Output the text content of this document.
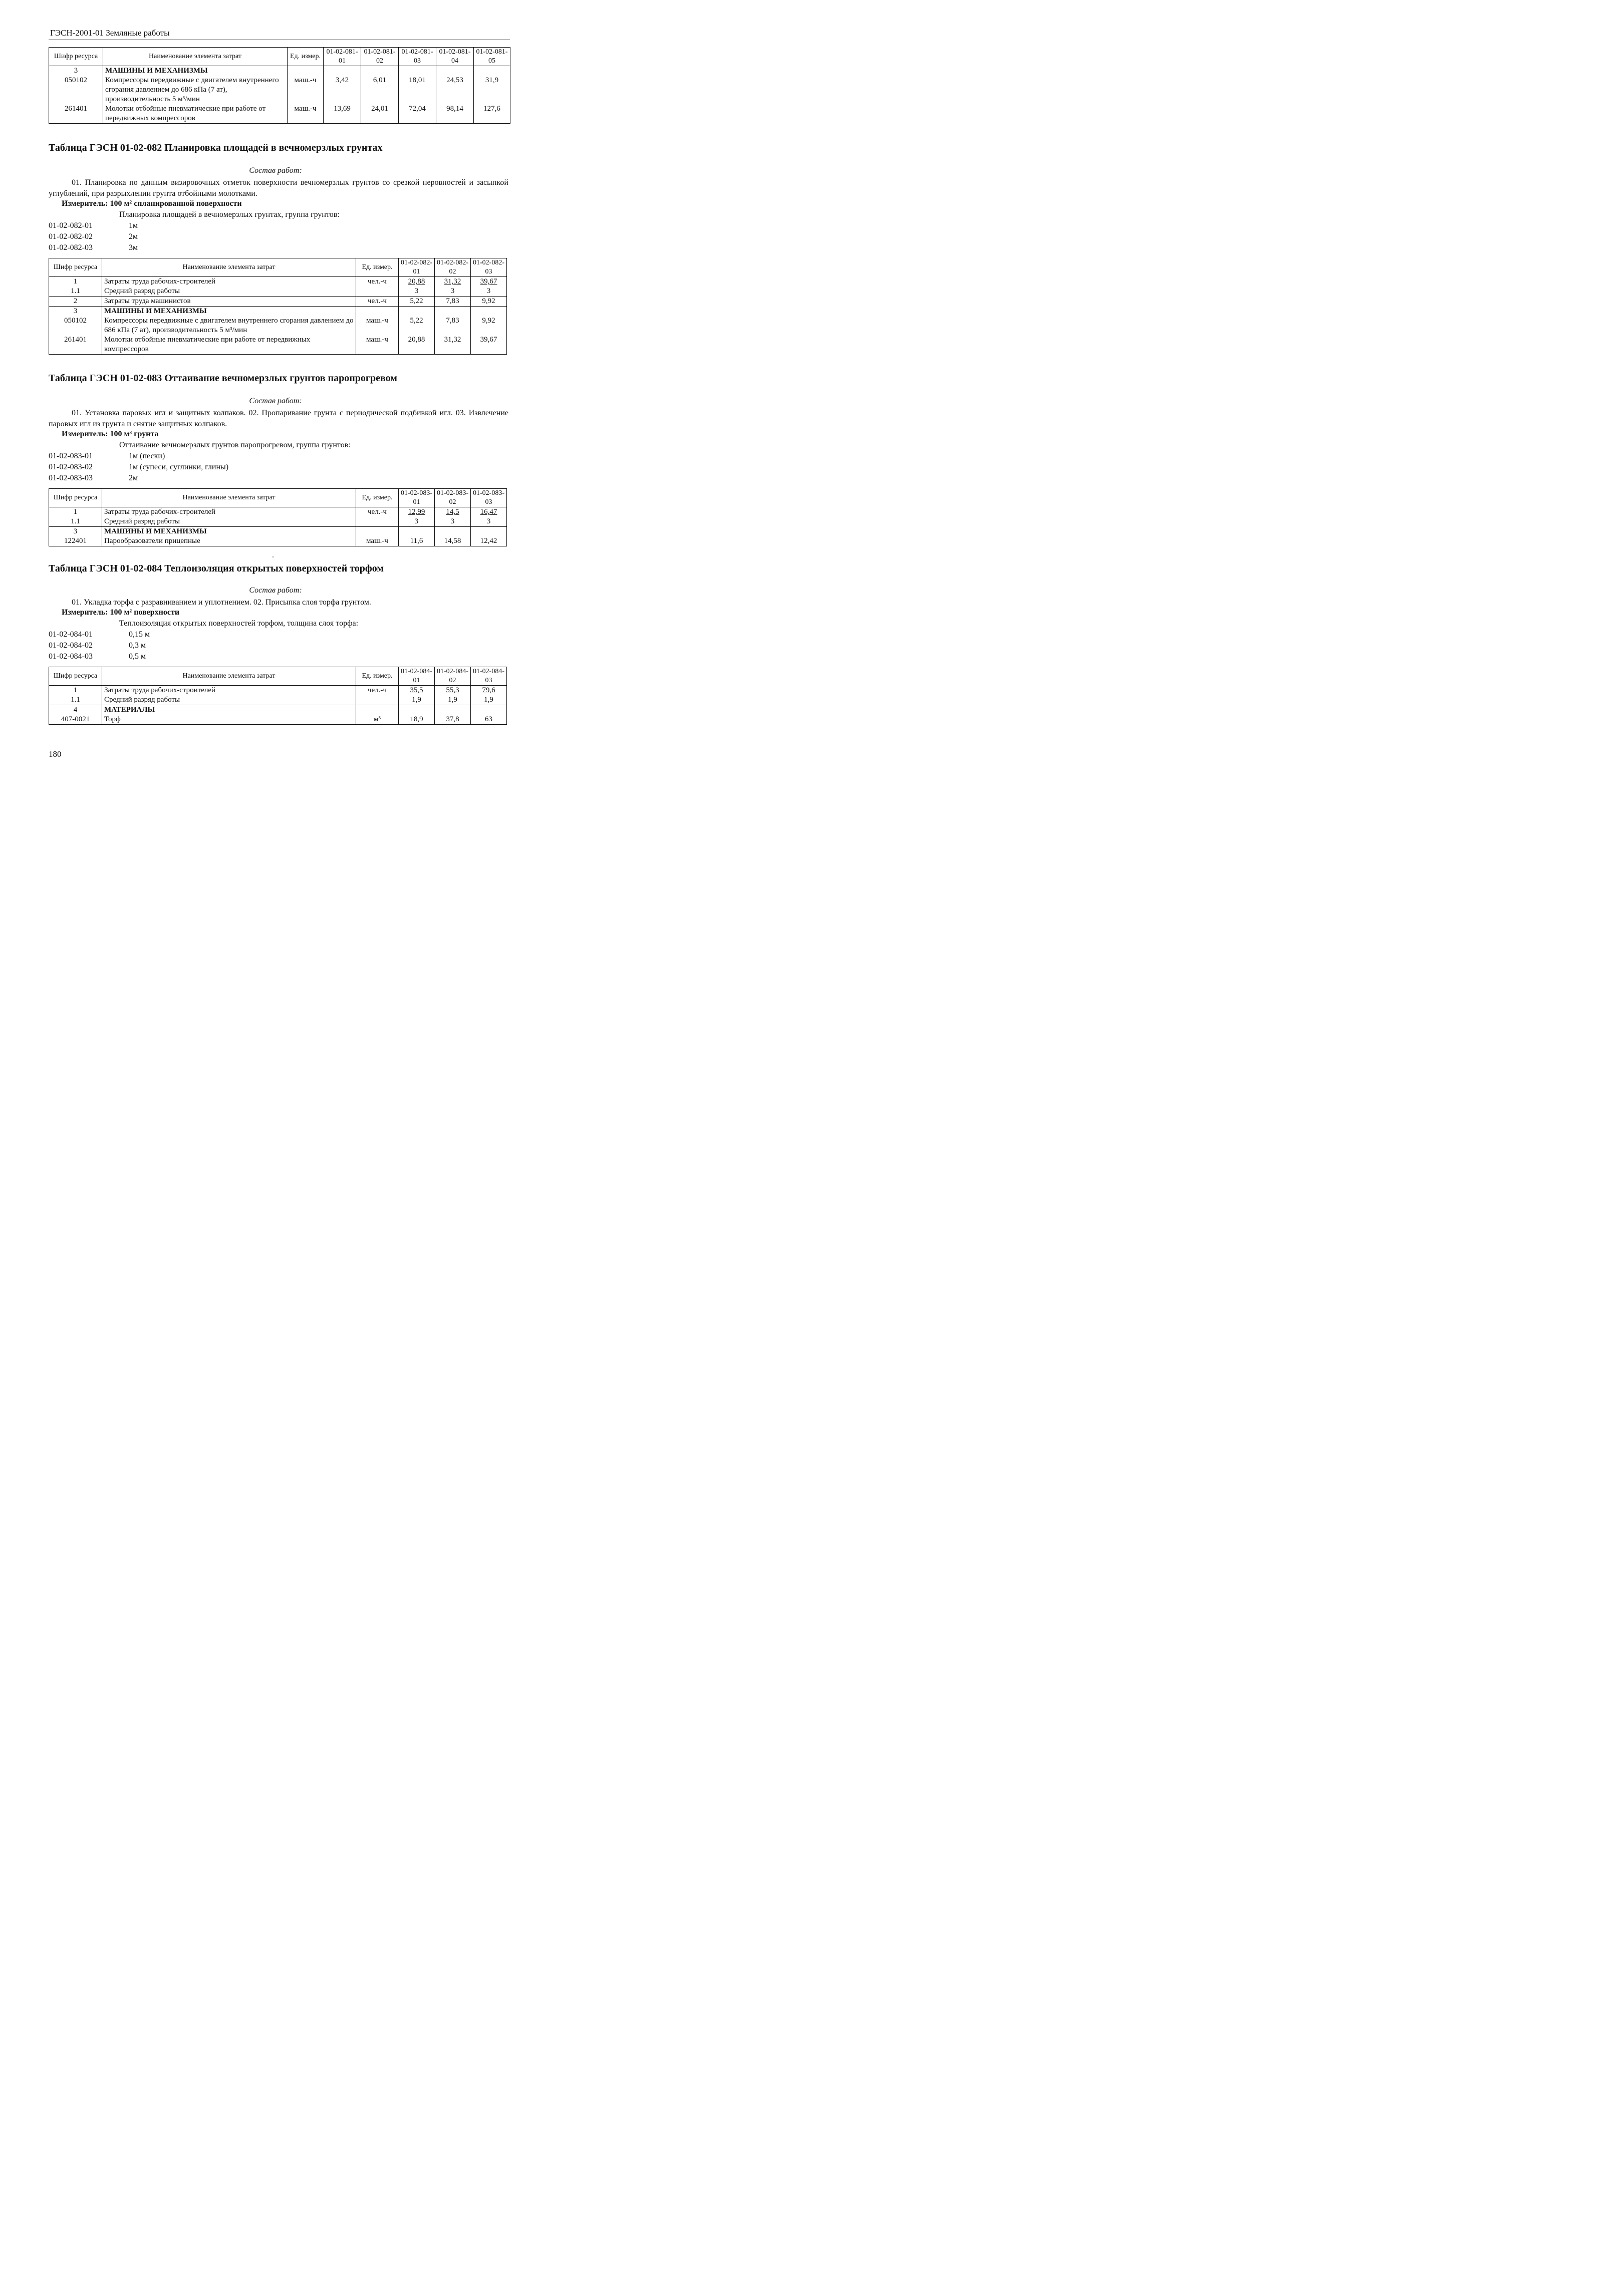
ГЭСН-2001-01 Земляные работы
Шифр ресурса	Наименование элемента затрат	Ед. измер.	01-02-081-01	01-02-081-02	01-02-081-03	01-02-081-04	01-02-081-05
3	МАШИНЫ И МЕХАНИЗМЫ						
050102	Компрессоры передвижные с двигателем внутреннего сгорания давлением до 686 кПа (7 ат), производительность 5 м³/мин	маш.-ч	3,42	6,01	18,01	24,53	31,9
261401	Молотки отбойные пневматические при работе от передвижных компрессоров	маш.-ч	13,69	24,01	72,04	98,14	127,6
Таблица ГЭСН 01-02-082 Планировка площадей в вечномерзлых грунтах
Состав работ:
01. Планировка по данным визировочных отметок поверхности вечномерзлых грунтов со срезкой неровностей и засыпкой углублений, при разрыхлении грунта отбойными молотками.
Измеритель: 100 м² спланированной поверхности
Планировка площадей в вечномерзлых грунтах, группа грунтов:
01-02-082-01	1м
01-02-082-02	2м
01-02-082-03	3м
Шифр ресурса	Наименование элемента затрат	Ед. измер.	01-02-082-01	01-02-082-02	01-02-082-03
1	Затраты труда рабочих-строителей	чел.-ч	20,88	31,32	39,67
1.1	Средний разряд работы		3	3	3
2	Затраты труда машинистов	чел.-ч	5,22	7,83	9,92
3	МАШИНЫ И МЕХАНИЗМЫ				
050102	Компрессоры передвижные с двигателем внутреннего сгорания давлением до 686 кПа (7 ат), производительность 5 м³/мин	маш.-ч	5,22	7,83	9,92
261401	Молотки отбойные пневматические при работе от передвижных компрессоров	маш.-ч	20,88	31,32	39,67
Таблица ГЭСН 01-02-083 Оттаивание вечномерзлых грунтов паропрогревом
Состав работ:
01. Установка паровых игл и защитных колпаков. 02. Пропаривание грунта с периодической подбивкой игл. 03. Извлечение паровых игл из грунта и снятие защитных колпаков.
Измеритель: 100 м³ грунта
Оттаивание вечномерзлых грунтов паропрогревом, группа грунтов:
01-02-083-01	1м (пески)
01-02-083-02	1м (супеси, суглинки, глины)
01-02-083-03	2м
Шифр ресурса	Наименование элемента затрат	Ед. измер.	01-02-083-01	01-02-083-02	01-02-083-03
1	Затраты труда рабочих-строителей	чел.-ч	12,99	14,5	16,47
1.1	Средний разряд работы		3	3	3
3	МАШИНЫ И МЕХАНИЗМЫ				
122401	Парообразователи прицепные	маш.-ч	11,6	14,58	12,42
Таблица ГЭСН 01-02-084 Теплоизоляция открытых поверхностей торфом
Состав работ:
01. Укладка торфа с разравниванием и уплотнением. 02. Присыпка слоя торфа грунтом.
Измеритель: 100 м² поверхности
Теплоизоляция открытых поверхностей торфом, толщина слоя торфа:
01-02-084-01	0,15 м
01-02-084-02	0,3 м
01-02-084-03	0,5 м
Шифр ресурса	Наименование элемента затрат	Ед. измер.	01-02-084-01	01-02-084-02	01-02-084-03
1	Затраты труда рабочих-строителей	чел.-ч	35,5	55,3	79,6
1.1	Средний разряд работы		1,9	1,9	1,9
4	МАТЕРИАЛЫ				
407-0021	Торф	м³	18,9	37,8	63
180
